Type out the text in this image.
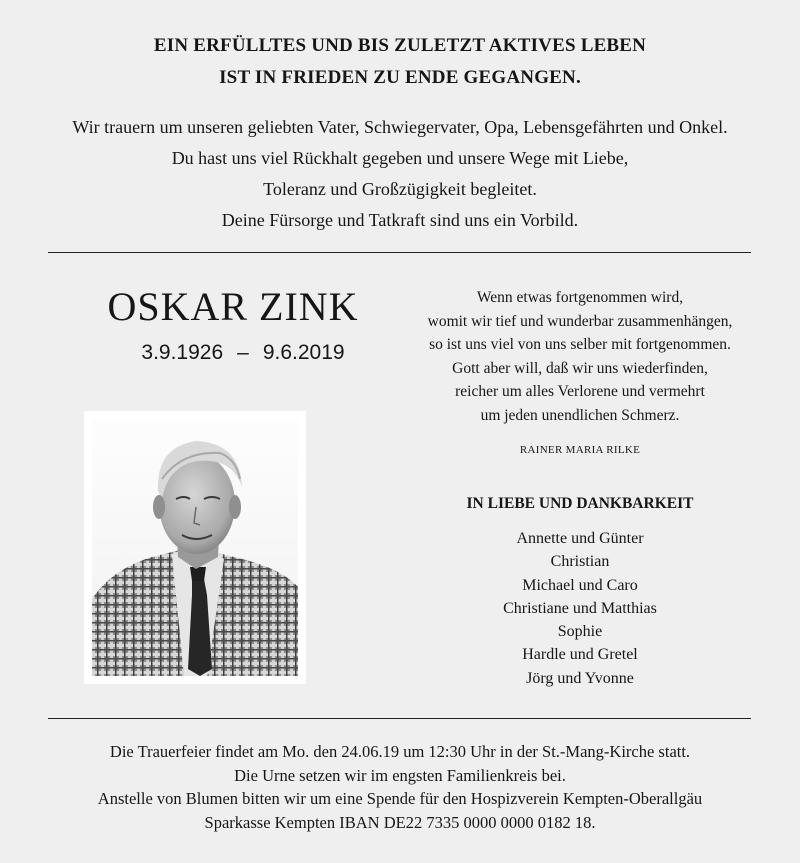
EIN ERFÜLLTES UND BIS ZULETZT AKTIVES LEBEN
IST IN FRIEDEN ZU ENDE GEGANGEN.
Wir trauern um unseren geliebten Vater, Schwiegervater, Opa, Lebensgefährten und Onkel.
Du hast uns viel Rückhalt gegeben und unsere Wege mit Liebe,
Toleranz und Großzügigkeit begleitet.
Deine Fürsorge und Tatkraft sind uns ein Vorbild.
OSKAR ZINK
3.9.1926 – 9.6.2019
Wenn etwas fortgenommen wird,
womit wir tief und wunderbar zusammenhängen,
so ist uns viel von uns selber mit fortgenommen.
Gott aber will, daß wir uns wiederfinden,
reicher um alles Verlorene und vermehrt
um jeden unendlichen Schmerz.
RAINER MARIA RILKE
IN LIEBE UND DANKBARKEIT
Annette und Günter
Christian
Michael und Caro
Christiane und Matthias
Sophie
Hardle und Gretel
Jörg und Yvonne
Die Trauerfeier findet am Mo. den 24.06.19 um 12:30 Uhr in der St.-Mang-Kirche statt.
Die Urne setzen wir im engsten Familienkreis bei.
Anstelle von Blumen bitten wir um eine Spende für den Hospizverein Kempten-Oberallgäu
Sparkasse Kempten IBAN DE22 7335 0000 0000 0182 18.
